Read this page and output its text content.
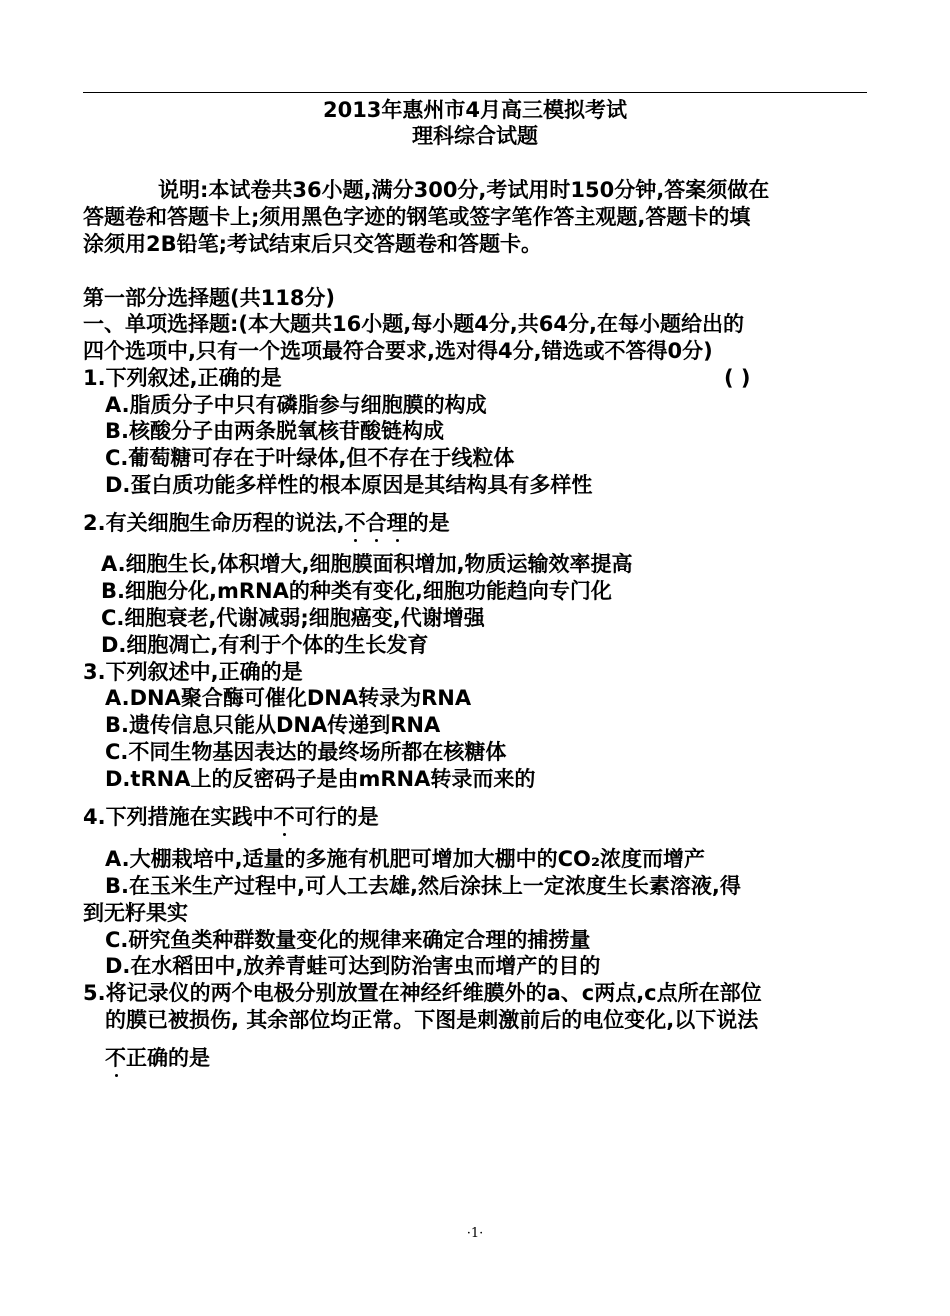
2013年惠州市4月高三模拟考试
理科综合试题
说明:本试卷共36小题,满分300分,考试用时150分钟,答案须做在
答题卷和答题卡上;须用黑色字迹的钢笔或签字笔作答主观题,答题卡的填
涂须用2B铅笔;考试结束后只交答题卷和答题卡。
第一部分选择题(共118分)
一、单项选择题:(本大题共16小题,每小题4分,共64分,在每小题给出的
四个选项中,只有一个选项最符合要求,选对得4分,错选或不答得0分)
1.下列叙述,正确的是	( )
A.脂质分子中只有磷脂参与细胞膜的构成
B.核酸分子由两条脱氧核苷酸链构成
C.葡萄糖可存在于叶绿体,但不存在于线粒体
D.蛋白质功能多样性的根本原因是其结构具有多样性
2.有关细胞生命历程的说法,不合理的是
A.细胞生长,体积增大,细胞膜面积增加,物质运输效率提高
B.细胞分化,mRNA的种类有变化,细胞功能趋向专门化
C.细胞衰老,代谢减弱;细胞癌变,代谢增强
D.细胞凋亡,有利于个体的生长发育
3.下列叙述中,正确的是
A.DNA聚合酶可催化DNA转录为RNA
B.遗传信息只能从DNA传递到RNA
C.不同生物基因表达的最终场所都在核糖体
D.tRNA上的反密码子是由mRNA转录而来的
4.下列措施在实践中不可行的是
A.大棚栽培中,适量的多施有机肥可增加大棚中的CO₂浓度而增产
B.在玉米生产过程中,可人工去雄,然后涂抹上一定浓度生长素溶液,得
到无籽果实
C.研究鱼类种群数量变化的规律来确定合理的捕捞量
D.在水稻田中,放养青蛙可达到防治害虫而增产的目的
5.将记录仪的两个电极分别放置在神经纤维膜外的a、c两点,c点所在部位
的膜已被损伤, 其余部位均正常。下图是刺激前后的电位变化,以下说法
不正确的是
·1·
